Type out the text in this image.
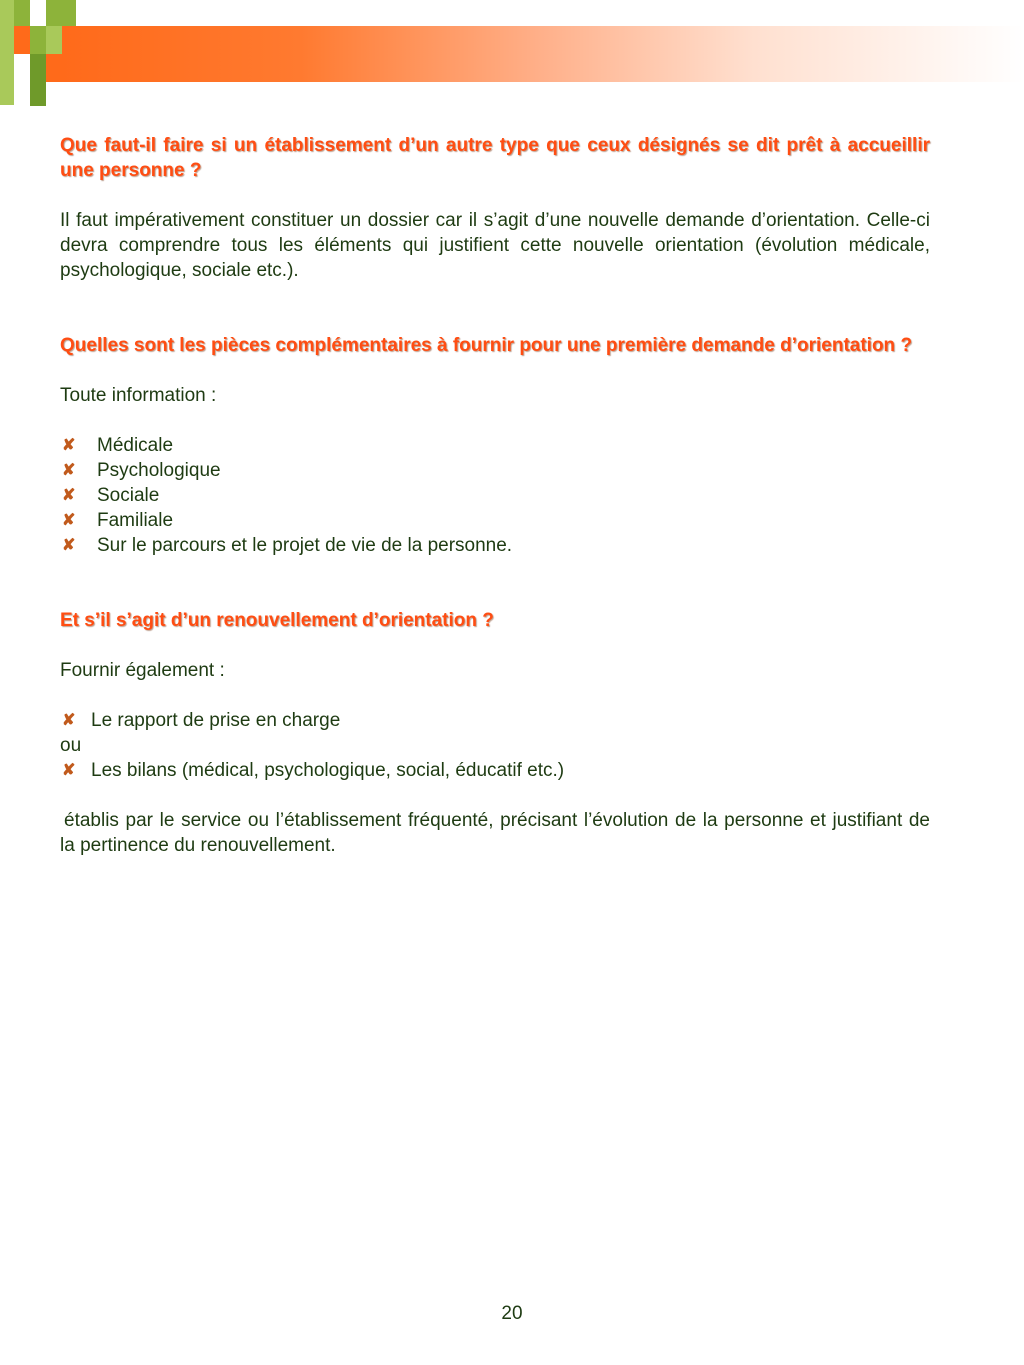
Que faut-il faire si un établissement d’un autre type que ceux désignés se dit prêt à accueillir une personne ?

Il faut impérativement constituer un dossier car il s’agit d’une nouvelle demande d’orientation. Celle-ci devra comprendre tous les éléments qui justifient cette nouvelle orientation (évolution médicale, psychologique, sociale etc.).

Quelles sont les pièces complémentaires à fournir pour une première demande d’orientation ?

Toute information :

✘ Médicale
✘ Psychologique
✘ Sociale
✘ Familiale
✘ Sur le parcours et le projet de vie de la personne.

Et s’il s’agit d’un renouvellement d’orientation ?

Fournir également :

✘ Le rapport de prise en charge

ou

✘ Les bilans (médical, psychologique, social, éducatif etc.)

établis par le service ou l’établissement fréquenté, précisant l’évolution de la personne et justifiant de la pertinence du renouvellement.

20
